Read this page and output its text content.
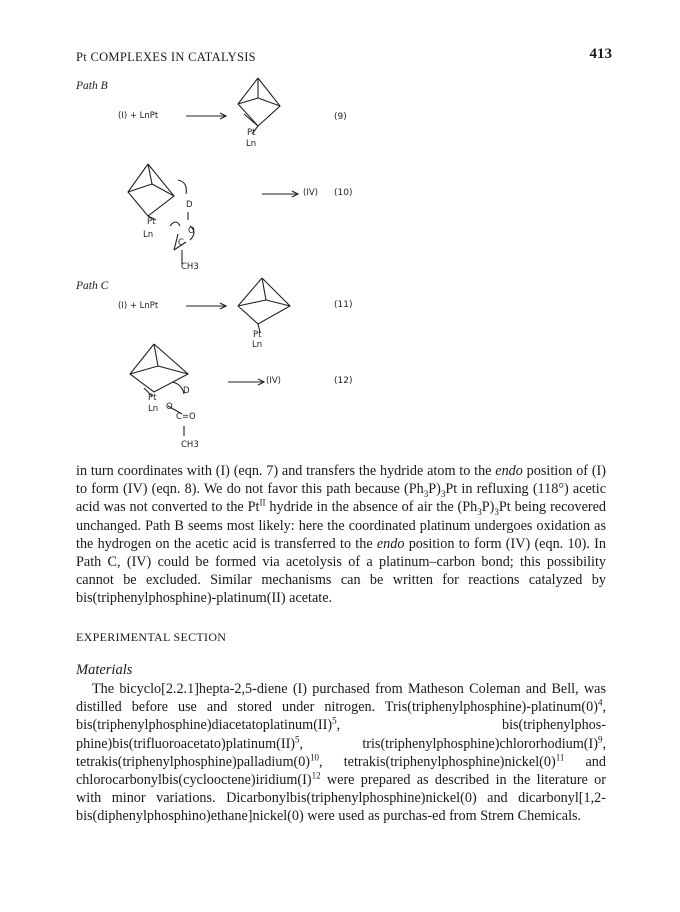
Pt COMPLEXES IN CATALYSIS	413
Path B
(I) + LnPt
Pt
Ln
(9)
D
Pt
Ln
C
O
CH3
(IV) (10)
Path C
(I) + LnPt
Pt
Ln
(11)
D
Pt
Ln O
C=O
CH3
(IV)	(12)

in turn coordinates with (I) (eqn. 7) and transfers the hydride atom to the endo position of (I) to form (IV) (eqn. 8). We do not favor this path because $(Ph_3P)_3Pt$ in refluxing (118°) acetic acid was not converted to the $Pt^{II}$ hydride in the absence of air the $(Ph_3P)_3Pt$ being recovered unchanged. Path B seems most likely: here the coordinated platinum undergoes oxidation as the hydrogen on the acetic acid is transferred to the endo position to form (IV) (eqn. 10). In Path C, (IV) could be formed via acetolysis of a platinum–carbon bond; this possibility cannot be excluded. Similar mechanisms can be written for reactions catalyzed by bis(triphenylphosphine)-platinum(II) acetate.

EXPERIMENTAL SECTION
Materials

The bicyclo[2.2.1]hepta-2,5-diene (I) purchased from Matheson Coleman and Bell, was distilled before use and stored under nitrogen. $Tris(triphenylphosphine)-platinum(0)^4$, bis(triphenylphosphine)diacetatoplatinum(II)$^5$, bis(triphenylphos-phine)bis(trifluoroacetato)platinum(II)$^5$, $tris(triphenylphosphine)chlororhodium(I)^9$, $tetrakis(triphenylphosphine)palladium(0)^{10}$, $tetrakis(triphenylphosphine)nickel(0)^{11}$ and $chlorocarbonylbis(cyclooctene)iridium(I)^{12}$ were prepared as described in the literature or with minor variations. Dicarbonylbis(triphenylphosphine)nickel(0) and dicarbonyl[1,2-bis(diphenylphosphino)ethane]nickel(0) were used as purchas-ed from Strem Chemicals.
